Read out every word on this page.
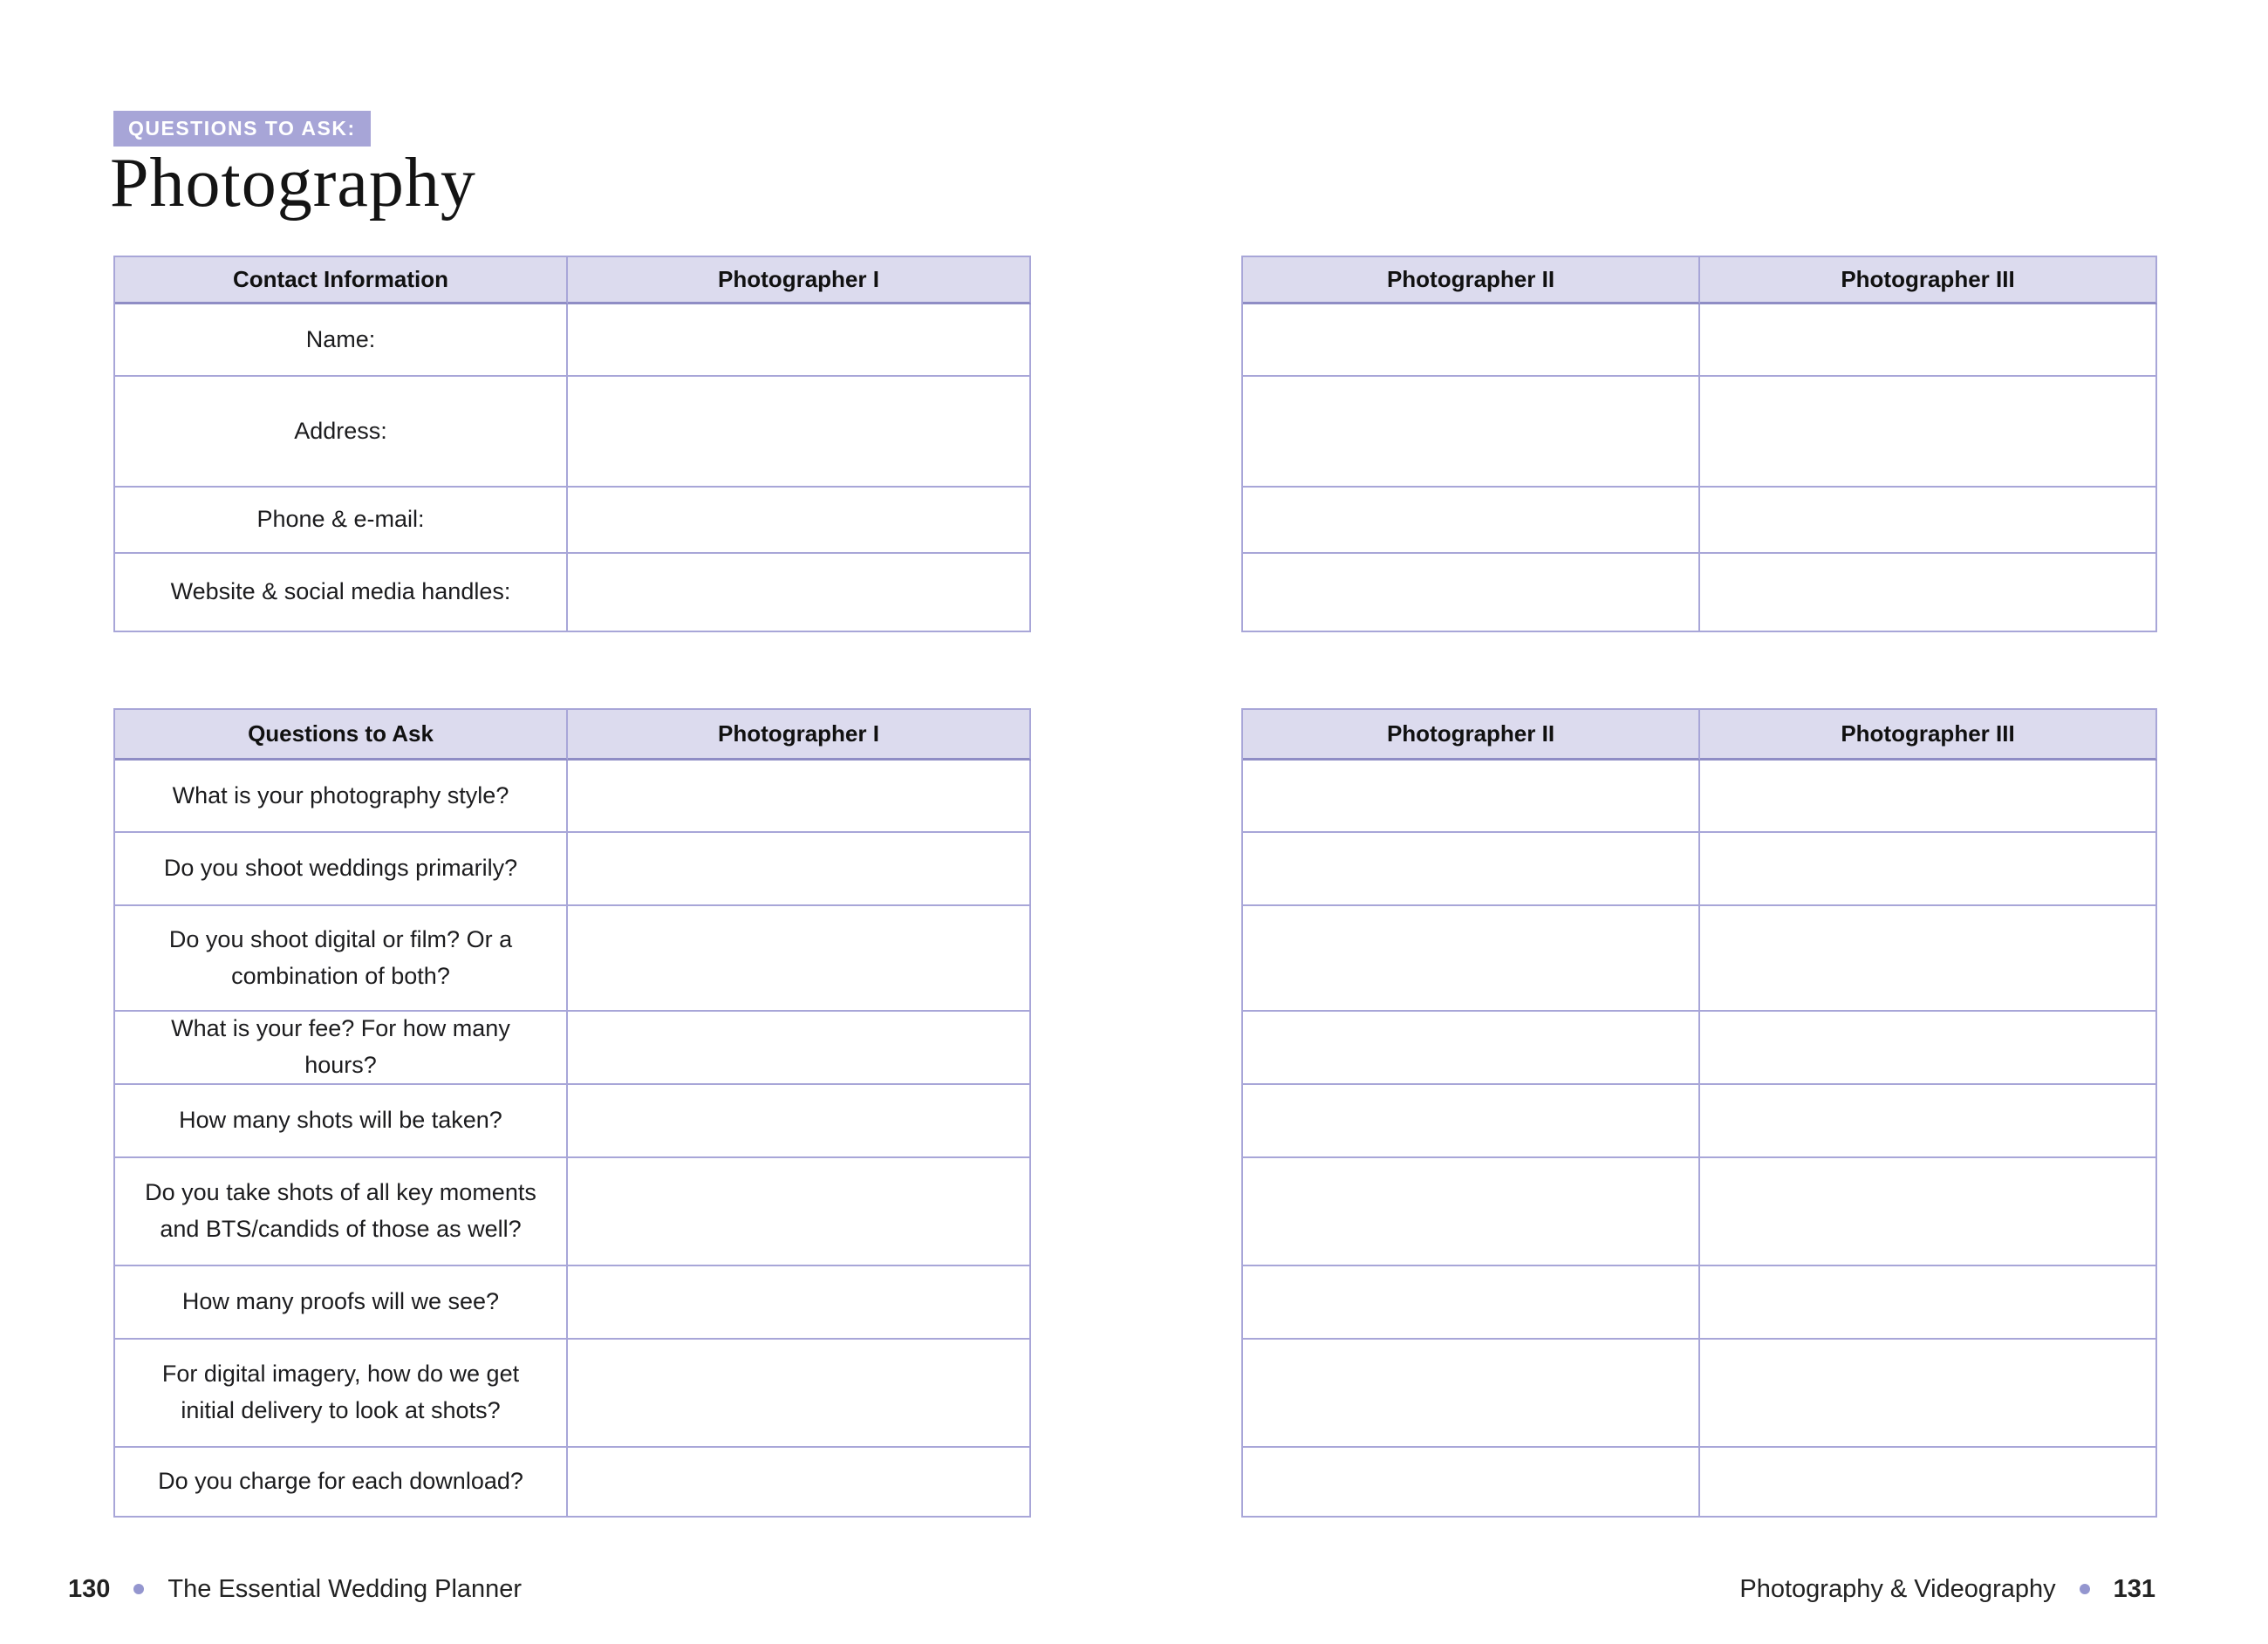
QUESTIONS TO ASK:
Photography
Contact Information	Photographer I
Name:
Address:
Phone & e-mail:
Website & social media handles:
Photographer II	Photographer III
Questions to Ask	Photographer I
What is your photography style?
Do you shoot weddings primarily?
Do you shoot digital or film? Or a combination of both?
What is your fee? For how many hours?
How many shots will be taken?
Do you take shots of all key moments and BTS/candids of those as well?
How many proofs will we see?
For digital imagery, how do we get initial delivery to look at shots?
Do you charge for each download?
Photographer II	Photographer III
130 The Essential Wedding Planner	Photography & Videography 131
